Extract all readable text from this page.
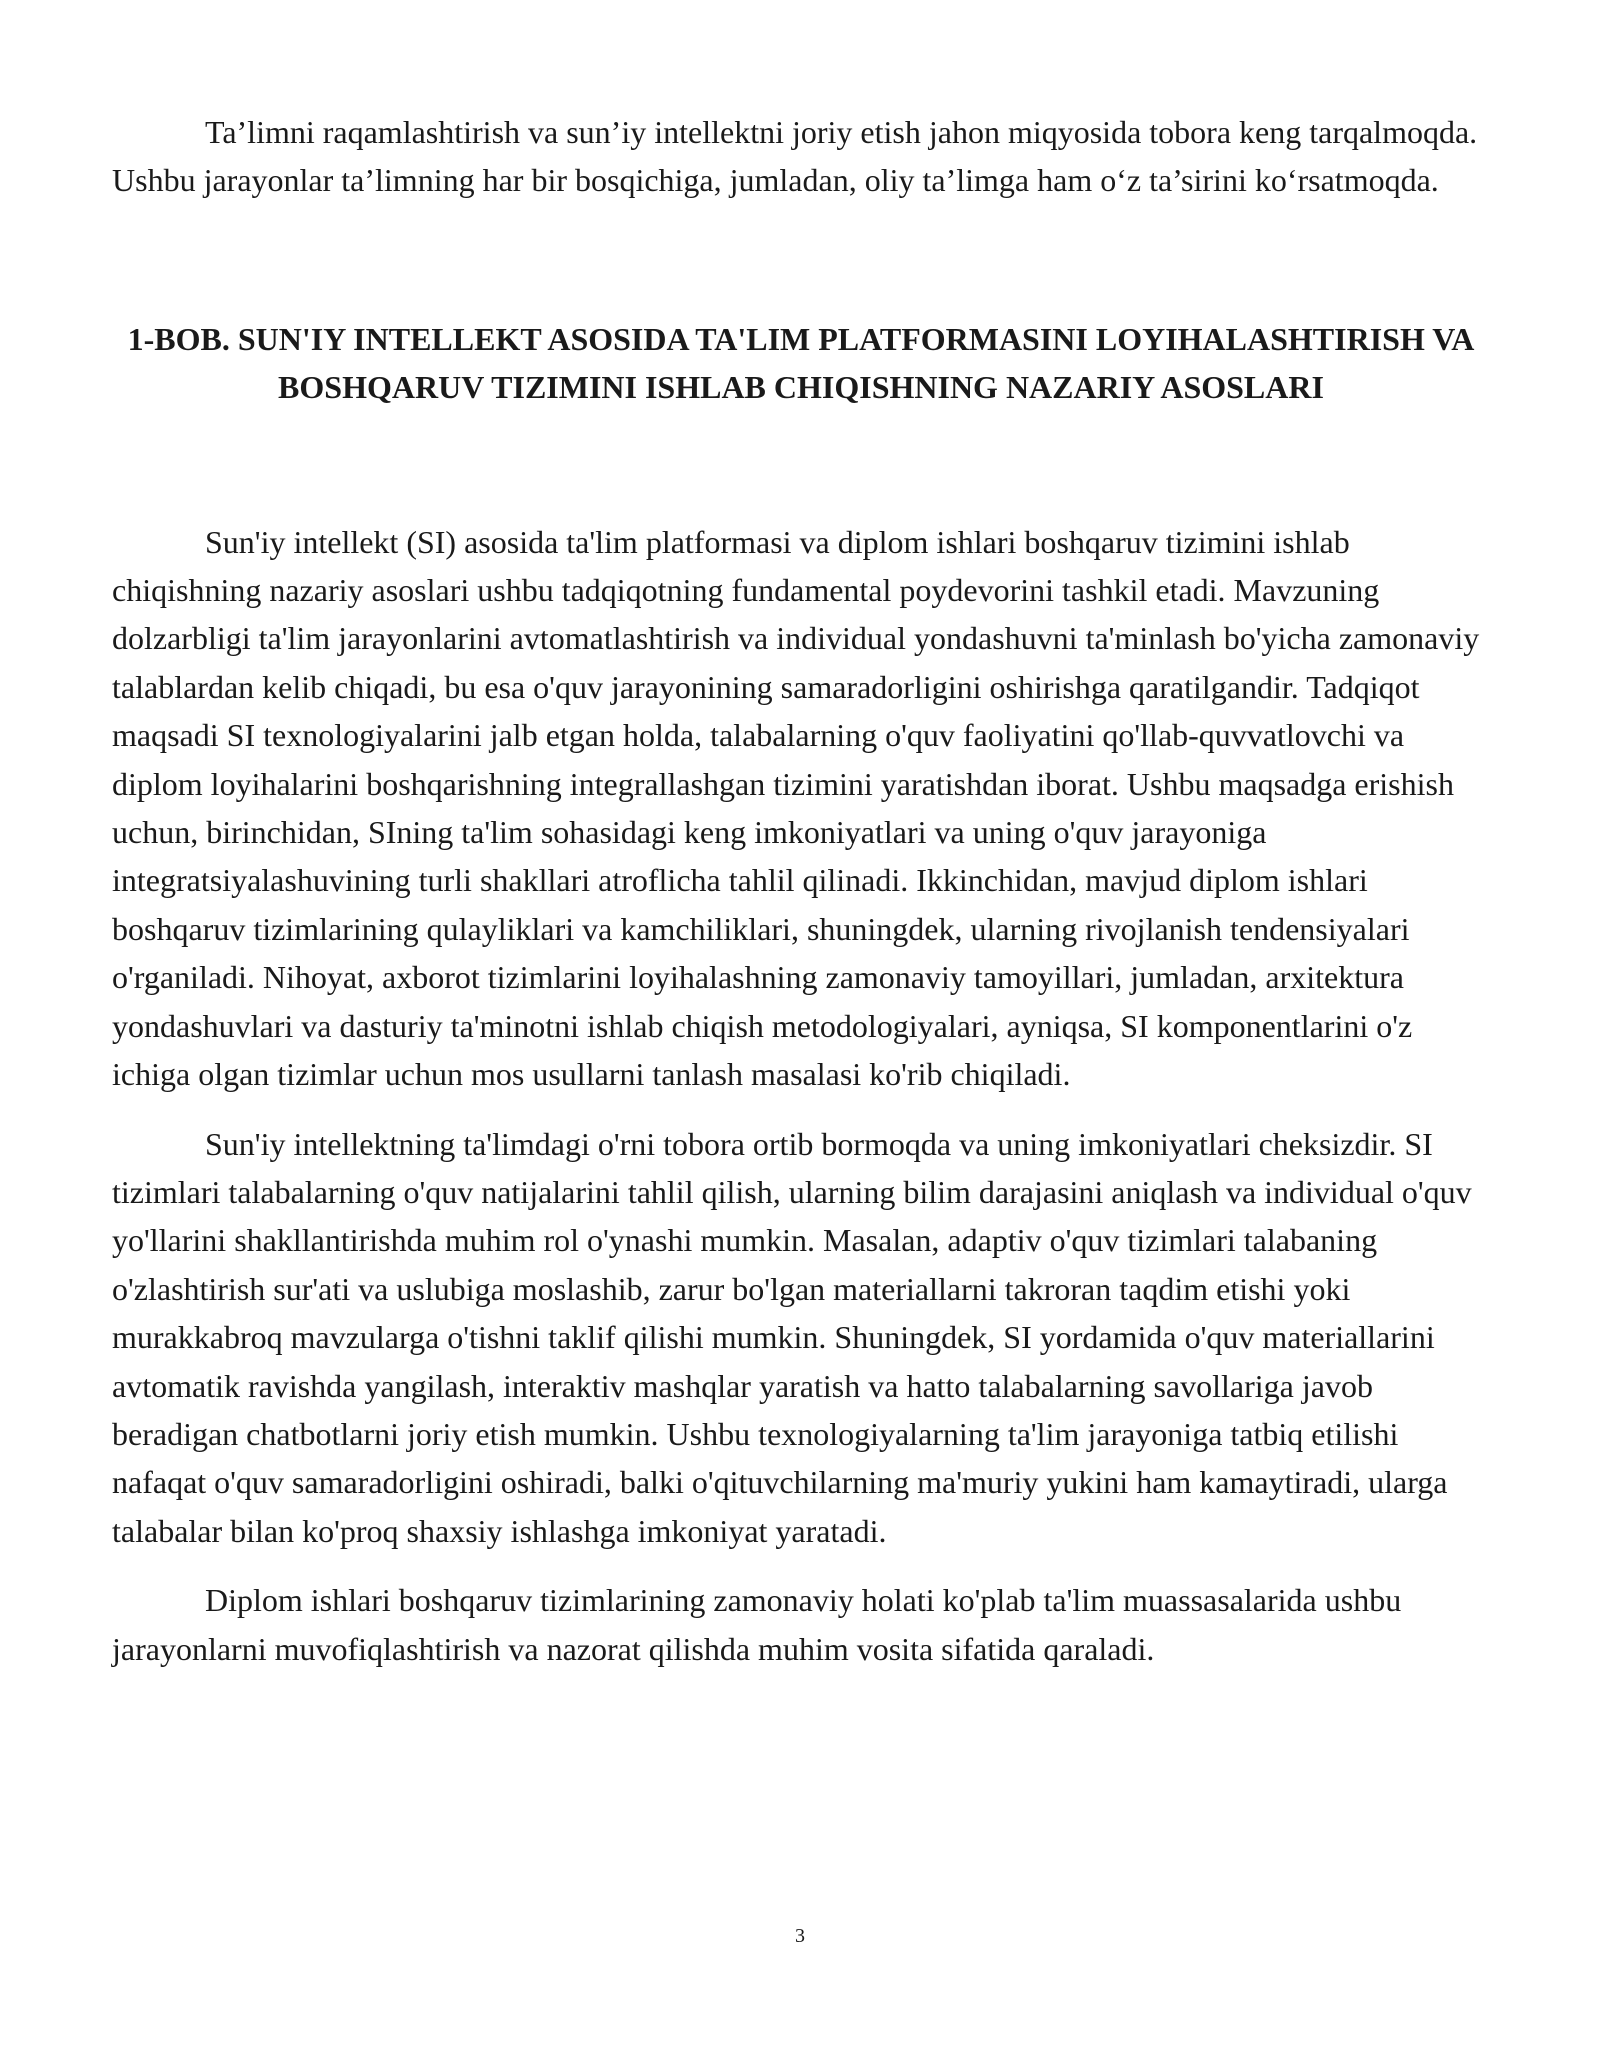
Ta’limni raqamlashtirish va sun’iy intellektni joriy etish jahon miqyosida tobora keng tarqalmoqda. Ushbu jarayonlar ta’limning har bir bosqichiga, jumladan, oliy ta’limga ham o‘z ta’sirini ko‘rsatmoqda.

1-BOB. SUN'IY INTELLEKT ASOSIDA TA'LIM PLATFORMASINI LOYIHALASHTIRISH VA BOSHQARUV TIZIMINI ISHLAB CHIQISHNING NAZARIY ASOSLARI

Sun'iy intellekt (SI) asosida ta'lim platformasi va diplom ishlari boshqaruv tizimini ishlab chiqishning nazariy asoslari ushbu tadqiqotning fundamental poydevorini tashkil etadi. Mavzuning dolzarbligi ta'lim jarayonlarini avtomatlashtirish va individual yondashuvni ta'minlash bo'yicha zamonaviy talablardan kelib chiqadi, bu esa o'quv jarayonining samaradorligini oshirishga qaratilgandir. Tadqiqot maqsadi SI texnologiyalarini jalb etgan holda, talabalarning o'quv faoliyatini qo'llab-quvvatlovchi va diplom loyihalarini boshqarishning integrallashgan tizimini yaratishdan iborat. Ushbu maqsadga erishish uchun, birinchidan, SIning ta'lim sohasidagi keng imkoniyatlari va uning o'quv jarayoniga integratsiyalashuvining turli shakllari atroflicha tahlil qilinadi. Ikkinchidan, mavjud diplom ishlari boshqaruv tizimlarining qulayliklari va kamchiliklari, shuningdek, ularning rivojlanish tendensiyalari o'rganiladi. Nihoyat, axborot tizimlarini loyihalashning zamonaviy tamoyillari, jumladan, arxitektura yondashuvlari va dasturiy ta'minotni ishlab chiqish metodologiyalari, ayniqsa, SI komponentlarini o'z ichiga olgan tizimlar uchun mos usullarni tanlash masalasi ko'rib chiqiladi.

Sun'iy intellektning ta'limdagi o'rni tobora ortib bormoqda va uning imkoniyatlari cheksizdir. SI tizimlari talabalarning o'quv natijalarini tahlil qilish, ularning bilim darajasini aniqlash va individual o'quv yo'llarini shakllantirishda muhim rol o'ynashi mumkin. Masalan, adaptiv o'quv tizimlari talabaning o'zlashtirish sur'ati va uslubiga moslashib, zarur bo'lgan materiallarni takroran taqdim etishi yoki murakkabroq mavzularga o'tishni taklif qilishi mumkin. Shuningdek, SI yordamida o'quv materiallarini avtomatik ravishda yangilash, interaktiv mashqlar yaratish va hatto talabalarning savollariga javob beradigan chatbotlarni joriy etish mumkin. Ushbu texnologiyalarning ta'lim jarayoniga tatbiq etilishi nafaqat o'quv samaradorligini oshiradi, balki o'qituvchilarning ma'muriy yukini ham kamaytiradi, ularga talabalar bilan ko'proq shaxsiy ishlashga imkoniyat yaratadi.

Diplom ishlari boshqaruv tizimlarining zamonaviy holati ko'plab ta'lim muassasalarida ushbu jarayonlarni muvofiqlashtirish va nazorat qilishda muhim vosita sifatida qaraladi.

3
